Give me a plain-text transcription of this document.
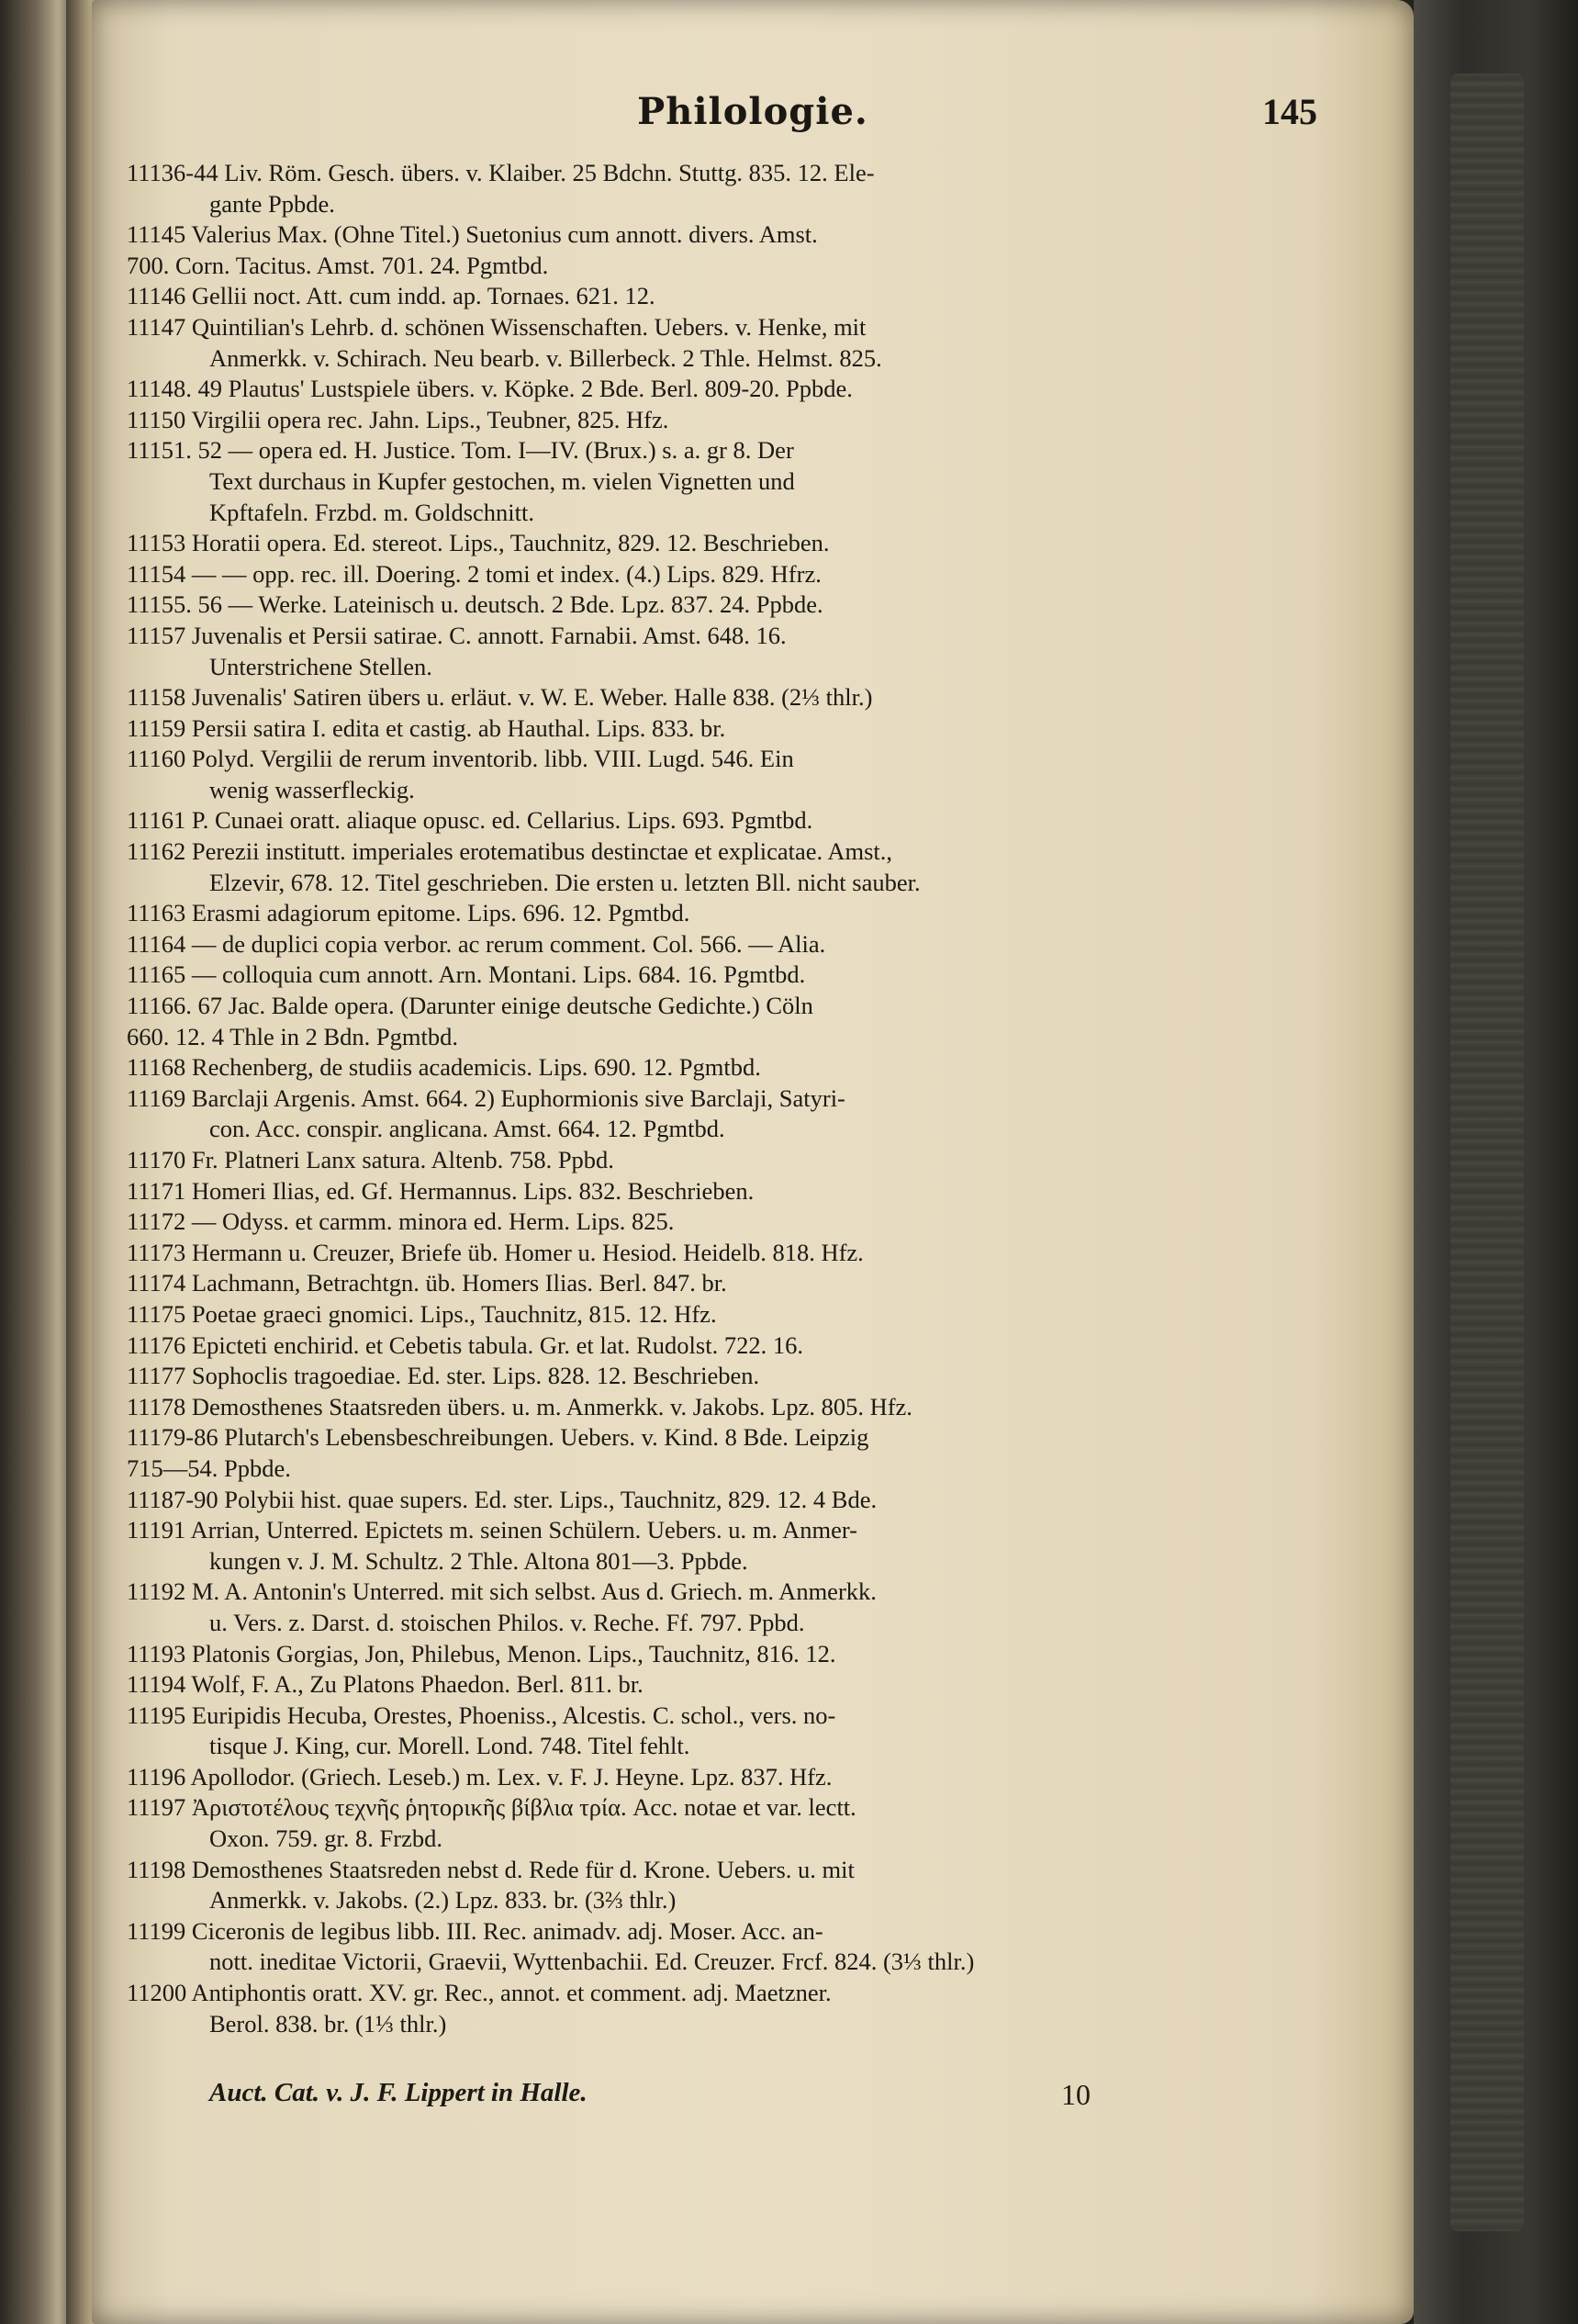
Auct. Cat. v. J. F. Lippert in Halle.	10
Philologie.	145
11136-44 Liv. Röm. Gesch. übers. v. Klaiber. 25 Bdchn. Stuttg. 835. 12. Ele-
gante Ppbde.
11145 Valerius Max. (Ohne Titel.) Suetonius cum annott. divers. Amst.
700. Corn. Tacitus. Amst. 701. 24. Pgmtbd.
11146 Gellii noct. Att. cum indd. ap. Tornaes. 621. 12.
11147 Quintilian's Lehrb. d. schönen Wissenschaften. Uebers. v. Henke, mit
Anmerkk. v. Schirach. Neu bearb. v. Billerbeck. 2 Thle. Helmst. 825.
11148. 49 Plautus' Lustspiele übers. v. Köpke. 2 Bde. Berl. 809-20. Ppbde.
11150 Virgilii opera rec. Jahn. Lips., Teubner, 825. Hfz.
11151. 52 — opera ed. H. Justice. Tom. I—IV. (Brux.) s. a. gr 8. Der
Text durchaus in Kupfer gestochen, m. vielen Vignetten und
Kpftafeln. Frzbd. m. Goldschnitt.
11153 Horatii opera. Ed. stereot. Lips., Tauchnitz, 829. 12. Beschrieben.
11154 — — opp. rec. ill. Doering. 2 tomi et index. (4.) Lips. 829. Hfrz.
11155. 56 — Werke. Lateinisch u. deutsch. 2 Bde. Lpz. 837. 24. Ppbde.
11157 Juvenalis et Persii satirae. C. annott. Farnabii. Amst. 648. 16.
Unterstrichene Stellen.
11158 Juvenalis' Satiren übers u. erläut. v. W. E. Weber. Halle 838. (2⅓ thlr.)
11159 Persii satira I. edita et castig. ab Hauthal. Lips. 833. br.
11160 Polyd. Vergilii de rerum inventorib. libb. VIII. Lugd. 546. Ein
wenig wasserfleckig.
11161 P. Cunaei oratt. aliaque opusc. ed. Cellarius. Lips. 693. Pgmtbd.
11162 Perezii institutt. imperiales erotematibus destinctae et explicatae. Amst.,
Elzevir, 678. 12. Titel geschrieben. Die ersten u. letzten Bll. nicht sauber.
11163 Erasmi adagiorum epitome. Lips. 696. 12. Pgmtbd.
11164 — de duplici copia verbor. ac rerum comment. Col. 566. — Alia.
11165 — colloquia cum annott. Arn. Montani. Lips. 684. 16. Pgmtbd.
11166. 67 Jac. Balde opera. (Darunter einige deutsche Gedichte.) Cöln
660. 12. 4 Thle in 2 Bdn. Pgmtbd.
11168 Rechenberg, de studiis academicis. Lips. 690. 12. Pgmtbd.
11169 Barclaji Argenis. Amst. 664. 2) Euphormionis sive Barclaji, Satyri-
con. Acc. conspir. anglicana. Amst. 664. 12. Pgmtbd.
11170 Fr. Platneri Lanx satura. Altenb. 758. Ppbd.
11171 Homeri Ilias, ed. Gf. Hermannus. Lips. 832. Beschrieben.
11172 — Odyss. et carmm. minora ed. Herm. Lips. 825.
11173 Hermann u. Creuzer, Briefe üb. Homer u. Hesiod. Heidelb. 818. Hfz.
11174 Lachmann, Betrachtgn. üb. Homers Ilias. Berl. 847. br.
11175 Poetae graeci gnomici. Lips., Tauchnitz, 815. 12. Hfz.
11176 Epicteti enchirid. et Cebetis tabula. Gr. et lat. Rudolst. 722. 16.
11177 Sophoclis tragoediae. Ed. ster. Lips. 828. 12. Beschrieben.
11178 Demosthenes Staatsreden übers. u. m. Anmerkk. v. Jakobs. Lpz. 805. Hfz.
11179-86 Plutarch's Lebensbeschreibungen. Uebers. v. Kind. 8 Bde. Leipzig
715—54. Ppbde.
11187-90 Polybii hist. quae supers. Ed. ster. Lips., Tauchnitz, 829. 12. 4 Bde.
11191 Arrian, Unterred. Epictets m. seinen Schülern. Uebers. u. m. Anmer-
kungen v. J. M. Schultz. 2 Thle. Altona 801—3. Ppbde.
11192 M. A. Antonin's Unterred. mit sich selbst. Aus d. Griech. m. Anmerkk.
u. Vers. z. Darst. d. stoischen Philos. v. Reche. Ff. 797. Ppbd.
11193 Platonis Gorgias, Jon, Philebus, Menon. Lips., Tauchnitz, 816. 12.
11194 Wolf, F. A., Zu Platons Phaedon. Berl. 811. br.
11195 Euripidis Hecuba, Orestes, Phoeniss., Alcestis. C. schol., vers. no-
tisque J. King, cur. Morell. Lond. 748. Titel fehlt.
11196 Apollodor. (Griech. Leseb.) m. Lex. v. F. J. Heyne. Lpz. 837. Hfz.
11197 Ἀριστοτέλους τεχνῆς ῥητορικῆς βίβλια τρία. Acc. notae et var. lectt.
Oxon. 759. gr. 8. Frzbd.
11198 Demosthenes Staatsreden nebst d. Rede für d. Krone. Uebers. u. mit
Anmerkk. v. Jakobs. (2.) Lpz. 833. br. (3⅔ thlr.)
11199 Ciceronis de legibus libb. III. Rec. animadv. adj. Moser. Acc. an-
nott. ineditae Victorii, Graevii, Wyttenbachii. Ed. Creuzer. Frcf. 824. (3⅓ thlr.)
11200 Antiphontis oratt. XV. gr. Rec., annot. et comment. adj. Maetzner.
Berol. 838. br. (1⅓ thlr.)
